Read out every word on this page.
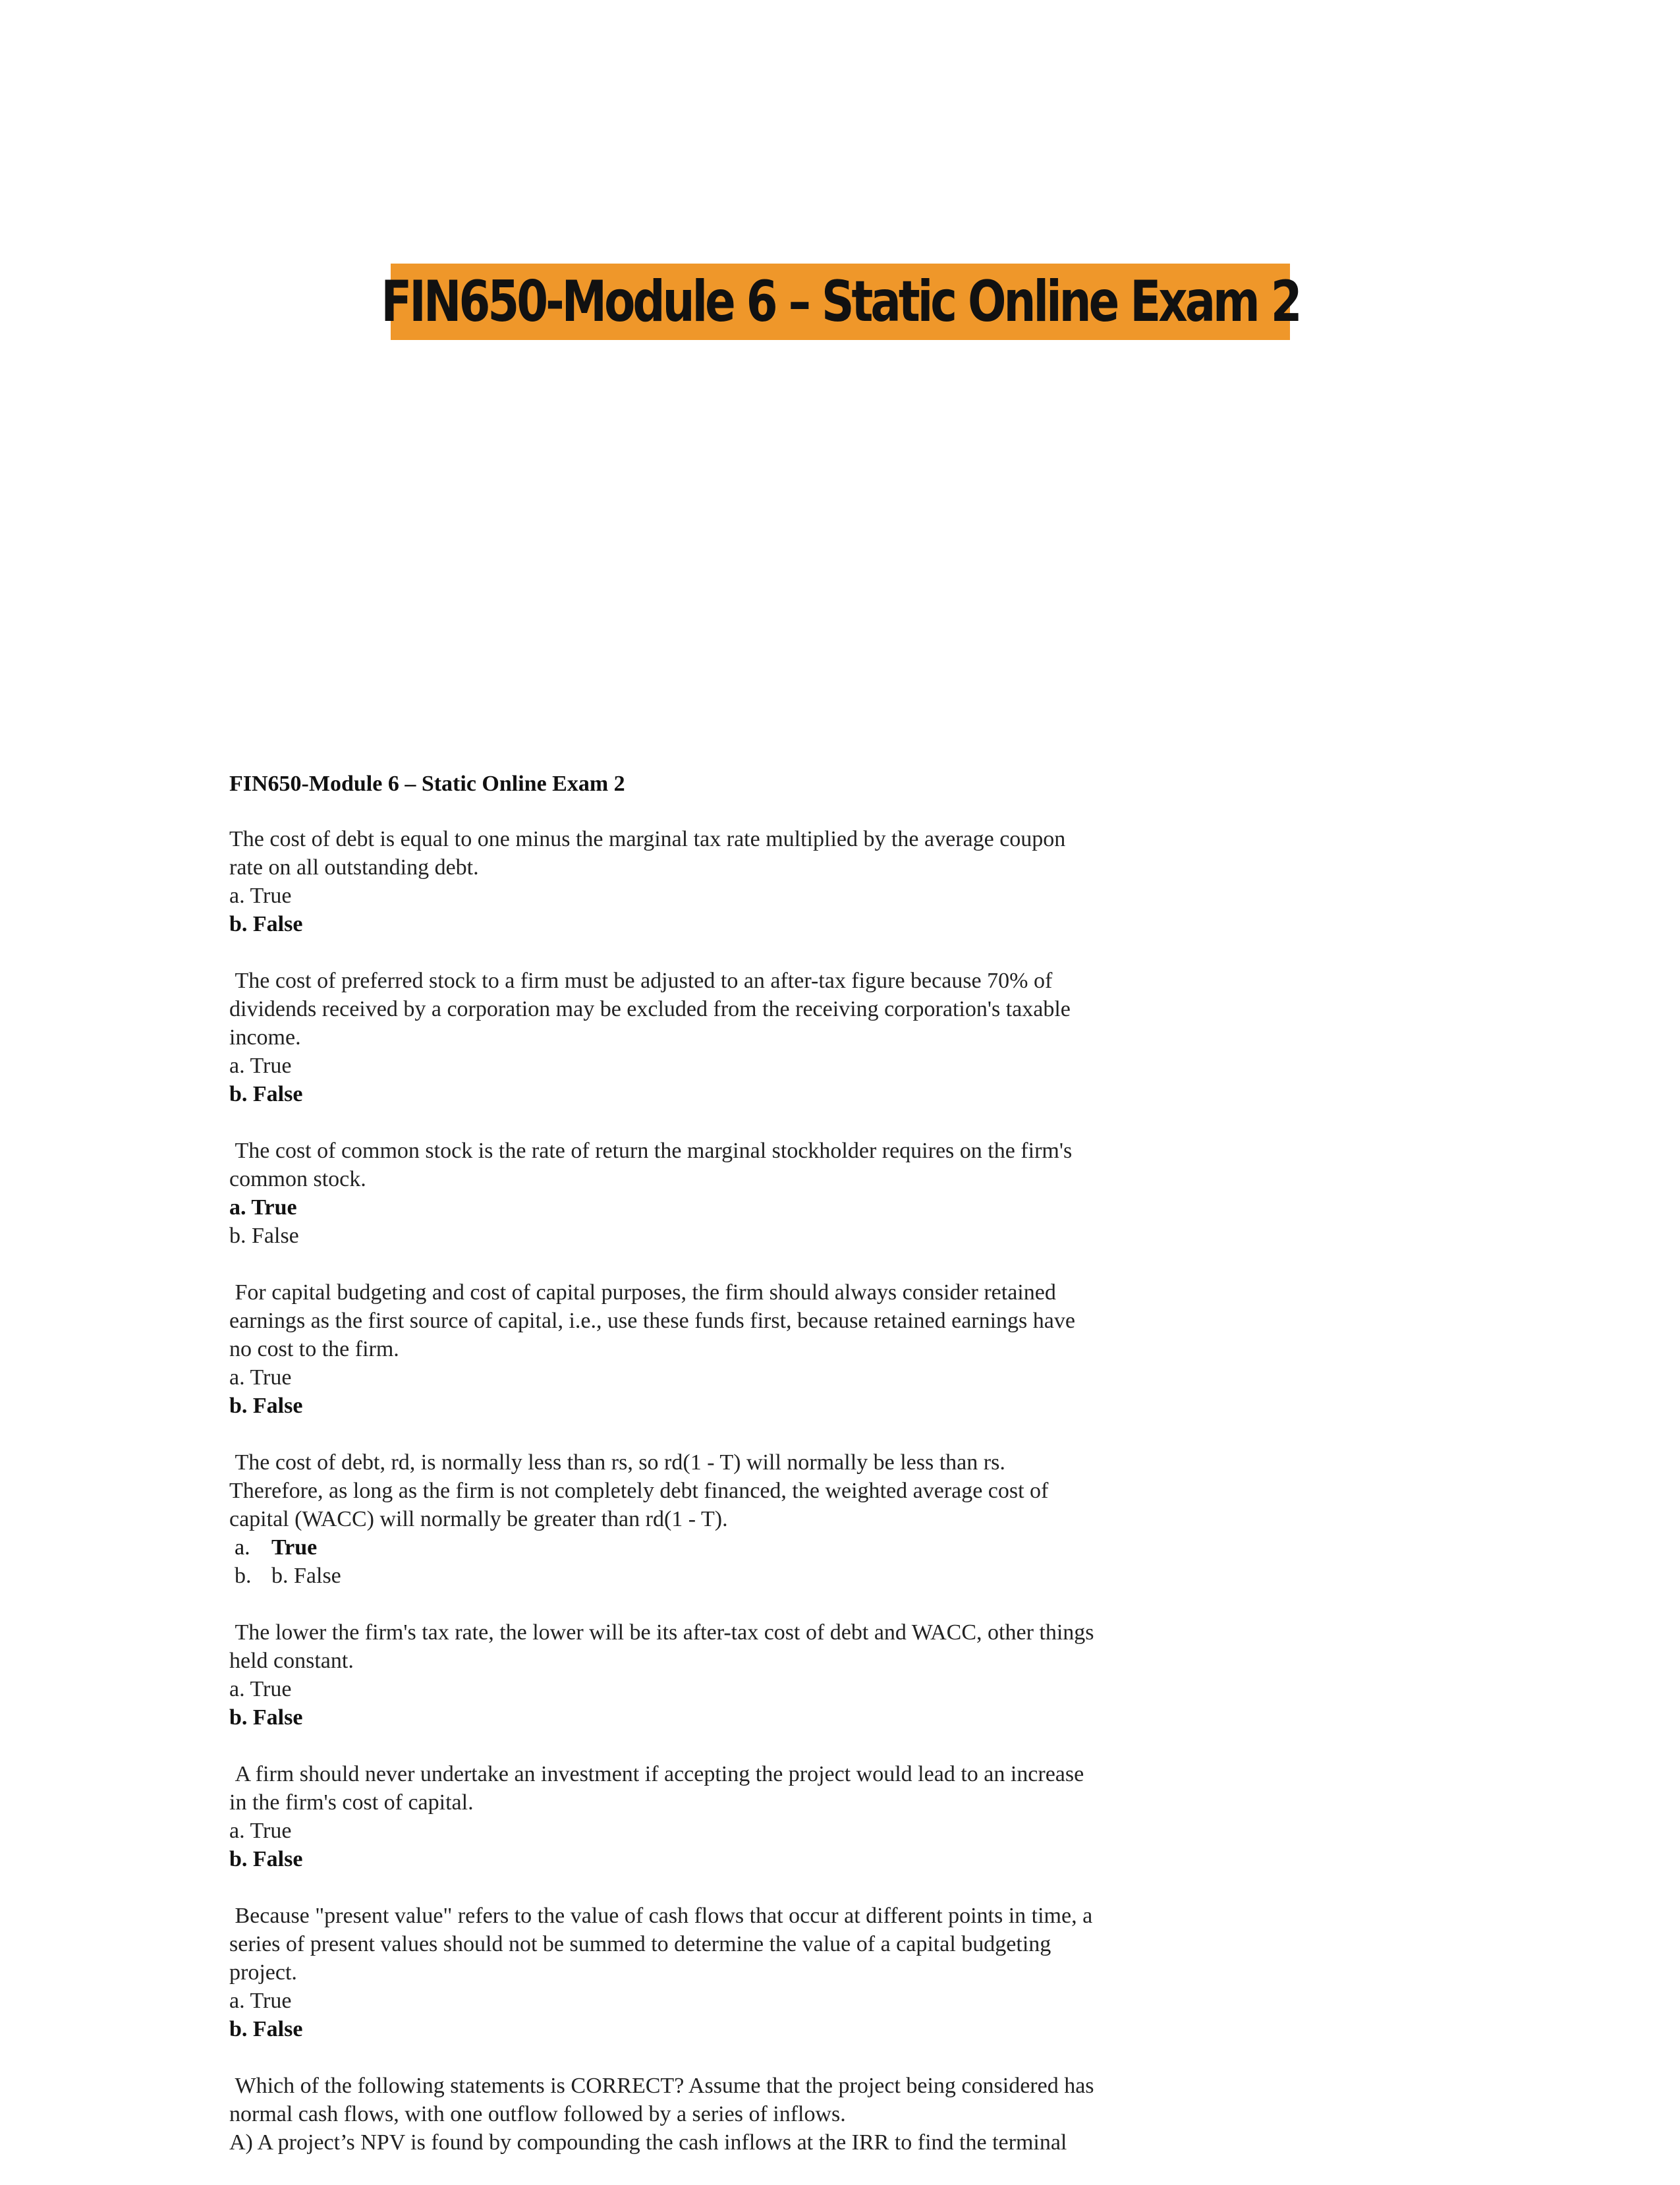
FIN650-Module 6 – Static Online Exam 2
FIN650-Module 6 – Static Online Exam 2
The cost of debt is equal to one minus the marginal tax rate multiplied by the average coupon
rate on all outstanding debt.
a. True
b. False
The cost of preferred stock to a firm must be adjusted to an after-tax figure because 70% of
dividends received by a corporation may be excluded from the receiving corporation's taxable
income.
a. True
b. False
The cost of common stock is the rate of return the marginal stockholder requires on the firm's
common stock.
a. True
b. False
For capital budgeting and cost of capital purposes, the firm should always consider retained
earnings as the first source of capital, i.e., use these funds first, because retained earnings have
no cost to the firm.
a. True
b. False
The cost of debt, rd, is normally less than rs, so rd(1 - T) will normally be less than rs.
Therefore, as long as the firm is not completely debt financed, the weighted average cost of
capital (WACC) will normally be greater than rd(1 - T).
a. True
b. b. False
The lower the firm's tax rate, the lower will be its after-tax cost of debt and WACC, other things
held constant.
a. True
b. False
A firm should never undertake an investment if accepting the project would lead to an increase
in the firm's cost of capital.
a. True
b. False
Because "present value" refers to the value of cash flows that occur at different points in time, a
series of present values should not be summed to determine the value of a capital budgeting
project.
a. True
b. False
Which of the following statements is CORRECT? Assume that the project being considered has
normal cash flows, with one outflow followed by a series of inflows.
A) A project’s NPV is found by compounding the cash inflows at the IRR to find the terminal
